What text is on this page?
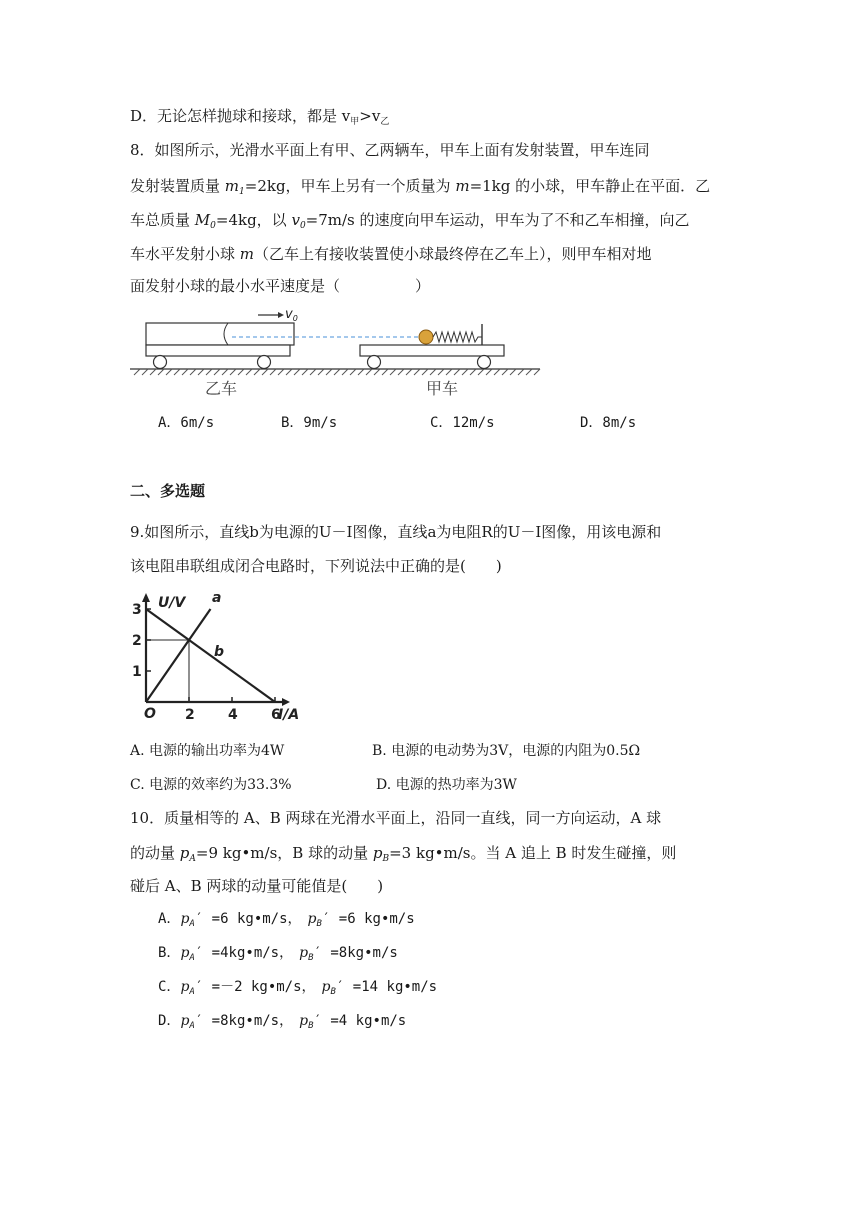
D．无论怎样抛球和接球，都是 $v_甲>v_乙$
8．如图所示，光滑水平面上有甲、乙两辆车，甲车上面有发射装置，甲车连同
发射装置质量 $m_1=2kg$，甲车上另有一个质量为 m=1kg 的小球，甲车静止在平面．乙
车总质量 $M_0=4kg$，以 $v_0=7m/s$ 的速度向甲车运动，甲车为了不和乙车相撞，向乙
车水平发射小球 m（乙车上有接收装置使小球最终停在乙车上），则甲车相对地
面发射小球的最小水平速度是（　　　　　）
$v_0$
乙车	甲车
A．6m/s	B．9m/s	C．12m/s	D．8m/s
二、多选题
9.如图所示，直线b为电源的U－I图像，直线a为电阻R的U－I图像，用该电源和
该电阻串联组成闭合电路时，下列说法中正确的是(　　)
1
2
3
2 4 6
U/V
I/A
O
a
b
A. 电源的输出功率为4W	B. 电源的电动势为3V，电源的内阻为0.5Ω
C. 电源的效率约为33.3%	D. 电源的热功率为3W
10．质量相等的 A、B 两球在光滑水平面上，沿同一直线，同一方向运动，A 球
的动量 $p_A=9$ kg•m/s，B 球的动量 $p_B=3$ kg•m/s。当 A 追上 B 时发生碰撞，则
碰后 A、B 两球的动量可能值是(　　)
A．$p_A' =6$ kg•m/s， $p_B' =6$ kg•m/s
B．$p_A'$ =4kg•m/s， $p_B'$ =8kg•m/s
C．$p_A' =-2$ kg•m/s， $p_B' =14$ kg•m/s
D．$p_A'$ =8kg•m/s， $p_B' =4$ kg•m/s
